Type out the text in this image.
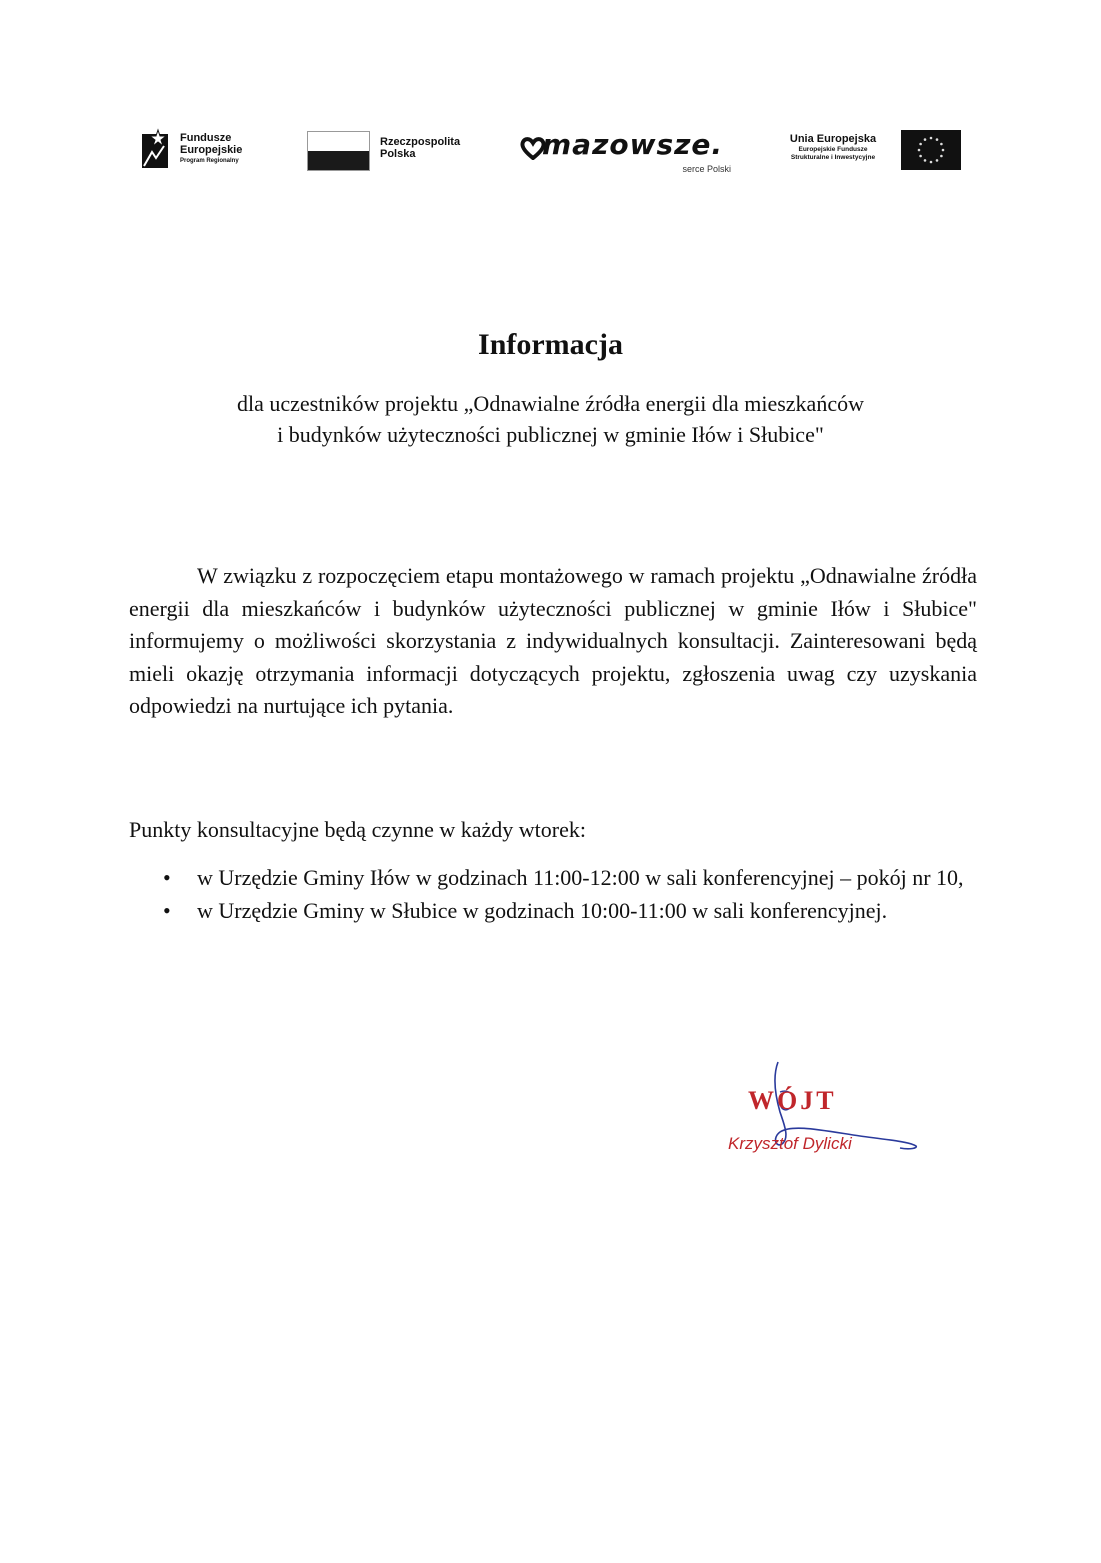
Fundusze
Europejskie
Program Regionalny
Rzeczpospolita
Polska	mazowsze.
serce Polski
Unia Europejska
Europejskie Fundusze
Strukturalne i Inwestycyjne
Informacja
dla uczestników projektu „Odnawialne źródła energii dla mieszkańców
i budynków użyteczności publicznej w gminie Iłów i Słubice"

W związku z rozpoczęciem etapu montażowego w ramach projektu „Odnawialne źródła energii dla mieszkańców i budynków użyteczności publicznej w gminie Iłów i Słubice" informujemy o możliwości skorzystania z indywidualnych konsultacji. Zainteresowani będą mieli okazję otrzymania informacji dotyczących projektu, zgłoszenia uwag czy uzyskania odpowiedzi na nurtujące ich pytania.

Punkty konsultacyjne będą czynne w każdy wtorek:

• w Urzędzie Gminy Iłów w godzinach 11:00-12:00 w sali konferencyjnej – pokój nr 10,
• w Urzędzie Gminy w Słubice w godzinach 10:00-11:00 w sali konferencyjnej.
WÓJT
Krzysztof Dylicki
